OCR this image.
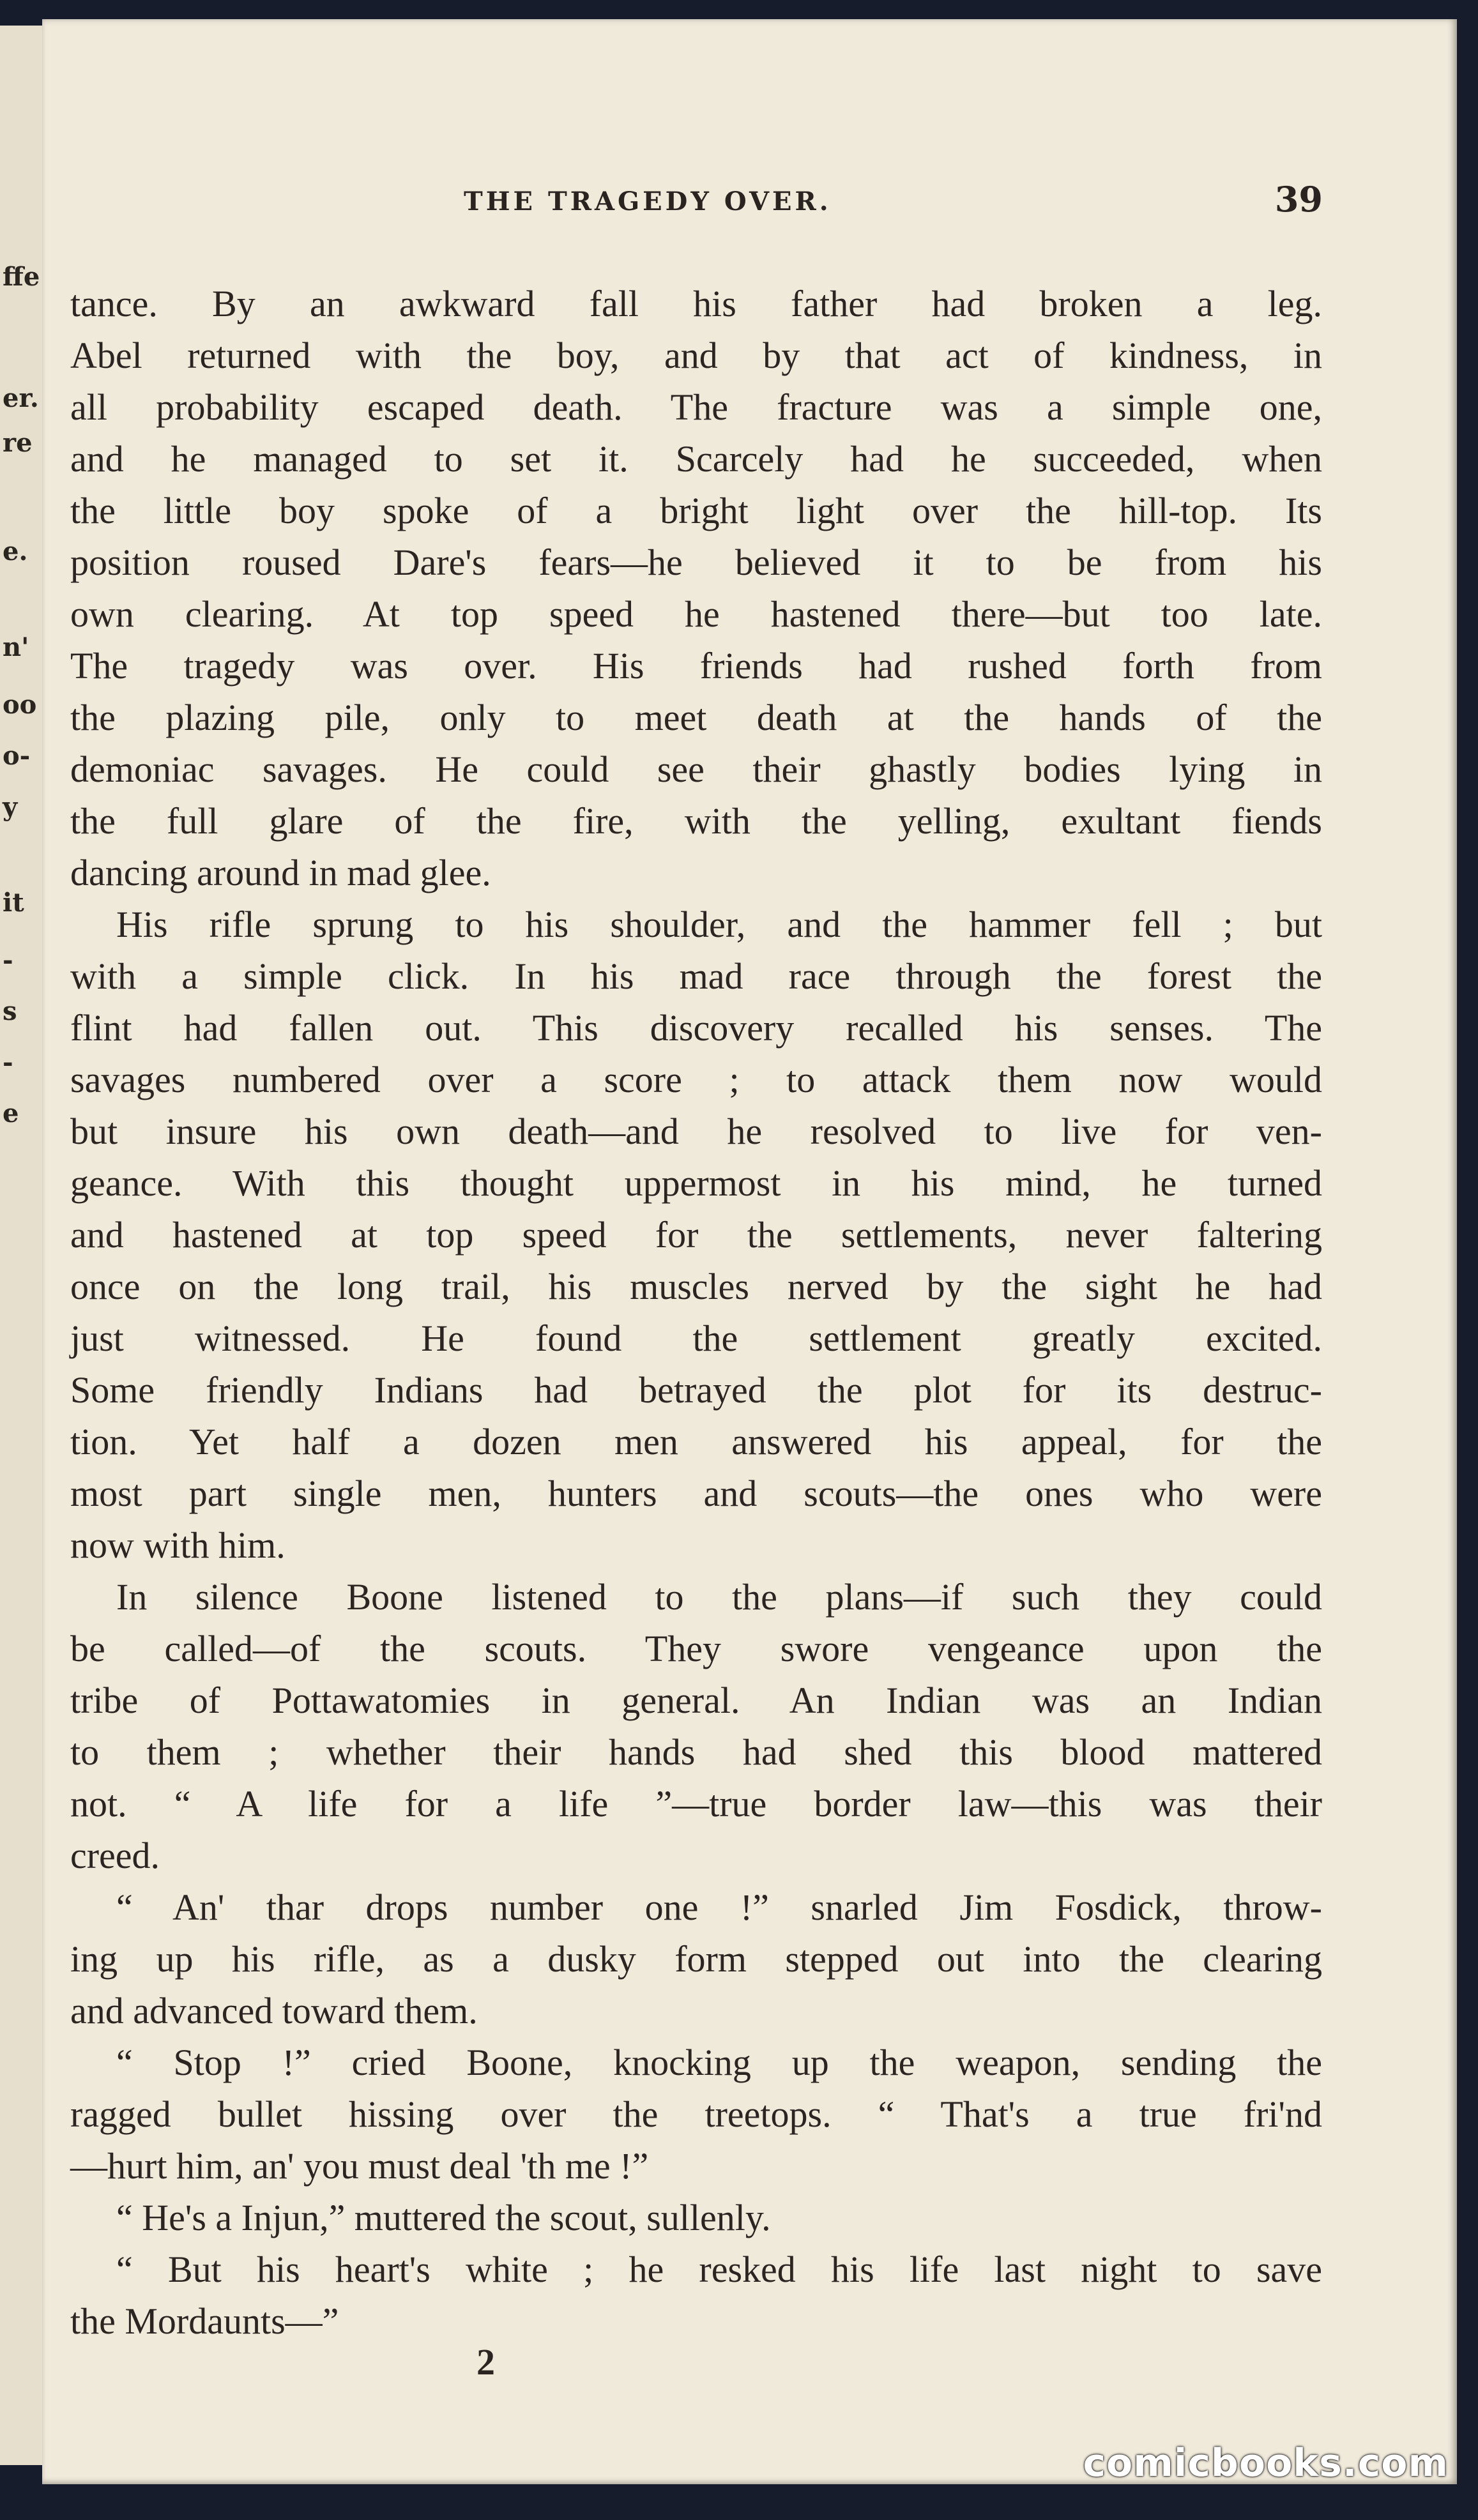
ffe
er.
re
e.
n'
oo
o-
y
it
-
s
-
e
THE TRAGEDY OVER.	39
tance. By an awkward fall his father had broken a leg.
Abel returned with the boy, and by that act of kindness, in
all probability escaped death. The fracture was a simple one,
and he managed to set it. Scarcely had he succeeded, when
the little boy spoke of a bright light over the hill-top. Its
position roused Dare's fears—he believed it to be from his
own clearing. At top speed he hastened there—but too late.
The tragedy was over. His friends had rushed forth from
the plazing pile, only to meet death at the hands of the
demoniac savages. He could see their ghastly bodies lying in
the full glare of the fire, with the yelling, exultant fiends
dancing around in mad glee.
His rifle sprung to his shoulder, and the hammer fell ; but
with a simple click. In his mad race through the forest the
flint had fallen out. This discovery recalled his senses. The
savages numbered over a score ; to attack them now would
but insure his own death—and he resolved to live for ven-
geance. With this thought uppermost in his mind, he turned
and hastened at top speed for the settlements, never faltering
once on the long trail, his muscles nerved by the sight he had
just witnessed. He found the settlement greatly excited.
Some friendly Indians had betrayed the plot for its destruc-
tion. Yet half a dozen men answered his appeal, for the
most part single men, hunters and scouts—the ones who were
now with him.
In silence Boone listened to the plans—if such they could
be called—of the scouts. They swore vengeance upon the
tribe of Pottawatomies in general. An Indian was an Indian
to them ; whether their hands had shed this blood mattered
not. “ A life for a life ”—true border law—this was their
creed.
“ An' thar drops number one !” snarled Jim Fosdick, throw-
ing up his rifle, as a dusky form stepped out into the clearing
and advanced toward them.
“ Stop !” cried Boone, knocking up the weapon, sending the
ragged bullet hissing over the treetops. “ That's a true fri'nd
—hurt him, an' you must deal 'th me !”
“ He's a Injun,” muttered the scout, sullenly.
“ But his heart's white ; he resked his life last night to save
the Mordaunts—”
2
comicbooks.com
